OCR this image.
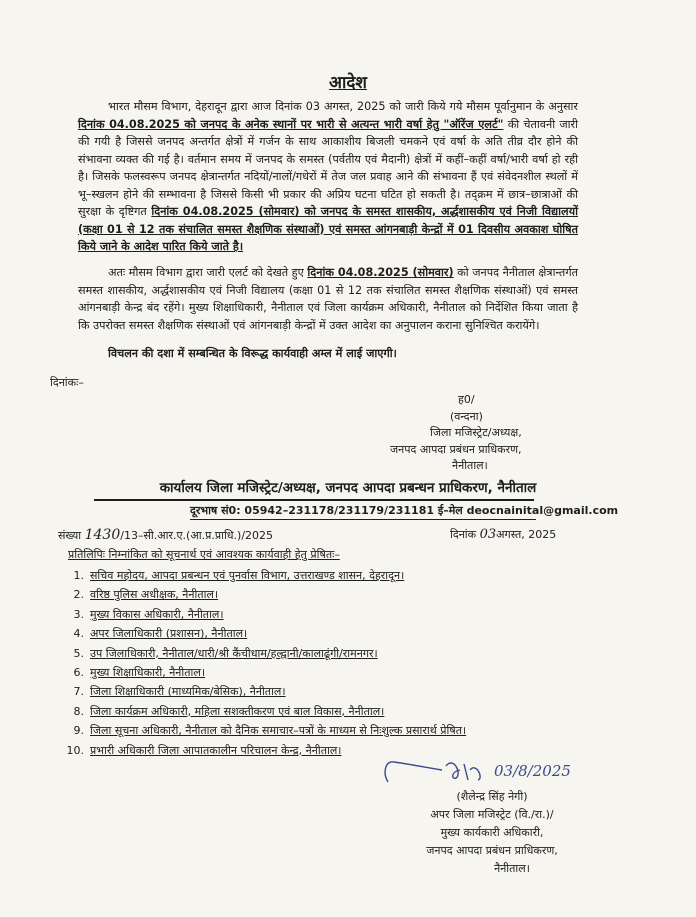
आदेश
भारत मौसम विभाग, देहरादून द्वारा आज दिनांक 03 अगस्त, 2025 को जारी किये गये मौसम पूर्वानुमान के अनुसार दिनांक 04.08.2025 को जनपद के अनेक स्थानों पर भारी से अत्यन्त भारी वर्षा हेतु "ऑरेंज एलर्ट" की चेतावनी जारी की गयी है जिससे जनपद अन्तर्गत क्षेत्रों में गर्जन के साथ आकाशीय बिजली चमकने एवं वर्षा के अति तीव्र दौर होने की संभावना व्यक्त की गई है। वर्तमान समय में जनपद के समस्त (पर्वतीय एवं मैदानी) क्षेत्रों में कहीं–कहीं वर्षा/भारी वर्षा हो रही है। जिसके फलस्वरूप जनपद क्षेत्रान्तर्गत नदियों/नालों/गधेरों में तेज जल प्रवाह आने की संभावना हैं एवं संवेदनशील स्थलों में भू–स्खलन होने की सम्भावना है जिससे किसी भी प्रकार की अप्रिय घटना घटित हो सकती है। तद्क्रम में छात्र–छात्राओं की सुरक्षा के दृष्टिगत दिनांक 04.08.2025 (सोमवार) को जनपद के समस्त शासकीय, अर्द्धशासकीय एवं निजी विद्यालयों (कक्षा 01 से 12 तक संचालित समस्त शैक्षणिक संस्थाओं) एवं समस्त आंगनबाड़ी केन्द्रों में 01 दिवसीय अवकाश घोषित किये जाने के आदेश पारित किये जाते है।
अतः मौसम विभाग द्वारा जारी एलर्ट को देखते हुए दिनांक 04.08.2025 (सोमवार) को जनपद नैनीताल क्षेत्रान्तर्गत समस्त शासकीय, अर्द्धशासकीय एवं निजी विद्यालय (कक्षा 01 से 12 तक संचालित समस्त शैक्षणिक संस्थाओं) एवं समस्त आंगनबाड़ी केन्द्र बंद रहेंगे। मुख्य शिक्षाधिकारी, नैनीताल एवं जिला कार्यक्रम अधिकारी, नैनीताल को निर्देशित किया जाता है कि उपरोक्त समस्त शैक्षणिक संस्थाओं एवं आंगनबाड़ी केन्द्रों में उक्त आदेश का अनुपालन कराना सुनिश्चित करायेंगे।
विचलन की दशा में सम्बन्धित के विरूद्ध कार्यवाही अम्ल में लाई जाएगी।
दिनांकः–
ह0/
(वन्दना)
जिला मजिस्ट्रेट/अध्यक्ष,
जनपद आपदा प्रबंधन प्राधिकरण,
नैनीताल।
कार्यालय जिला मजिस्ट्रेट/अध्यक्ष, जनपद आपदा प्रबन्धन प्राधिकरण, नैनीताल
दूरभाष सं0: 05942–231178/231179/231181 ई–मेल deocnainital@gmail.com
संख्या 1430/13–सी.आर.ए.(आ.प्र.प्राधि.)/2025	दिनांक 03अगस्त, 2025
प्रतिलिपिः निम्नांकित को सूचनार्थ एवं आवश्यक कार्यवाही हेतु प्रेषितः–
1. सचिव महोदय, आपदा प्रबन्धन एवं पुनर्वास विभाग, उत्तराखण्ड शासन, देहरादून।
2. वरिष्ठ पुलिस अधीक्षक, नैनीताल।
3. मुख्य विकास अधिकारी, नैनीताल।
4. अपर जिलाधिकारी (प्रशासन), नैनीताल।
5. उप जिलाधिकारी, नैनीताल/धारी/श्री कैंचीधाम/हल्द्वानी/कालाढूंगी/रामनगर।
6. मुख्य शिक्षाधिकारी, नैनीताल।
7. जिला शिक्षाधिकारी (माध्यमिक/बेसिक), नैनीताल।
8. जिला कार्यक्रम अधिकारी, महिला सशक्तीकरण एवं बाल विकास, नैनीताल।
9. जिला सूचना अधिकारी, नैनीताल को दैनिक समाचार–पत्रों के माध्यम से निःशुल्क प्रसारार्थ प्रेषित।
10. प्रभारी अधिकारी जिला आपातकालीन परिचालन केन्द्र, नैनीताल।
03/8/2025
(शैलेन्द्र सिंह नेगी)
अपर जिला मजिस्ट्रेट (वि./रा.)/
मुख्य कार्यकारी अधिकारी,
जनपद आपदा प्रबंधन प्राधिकरण,
नैनीताल।
